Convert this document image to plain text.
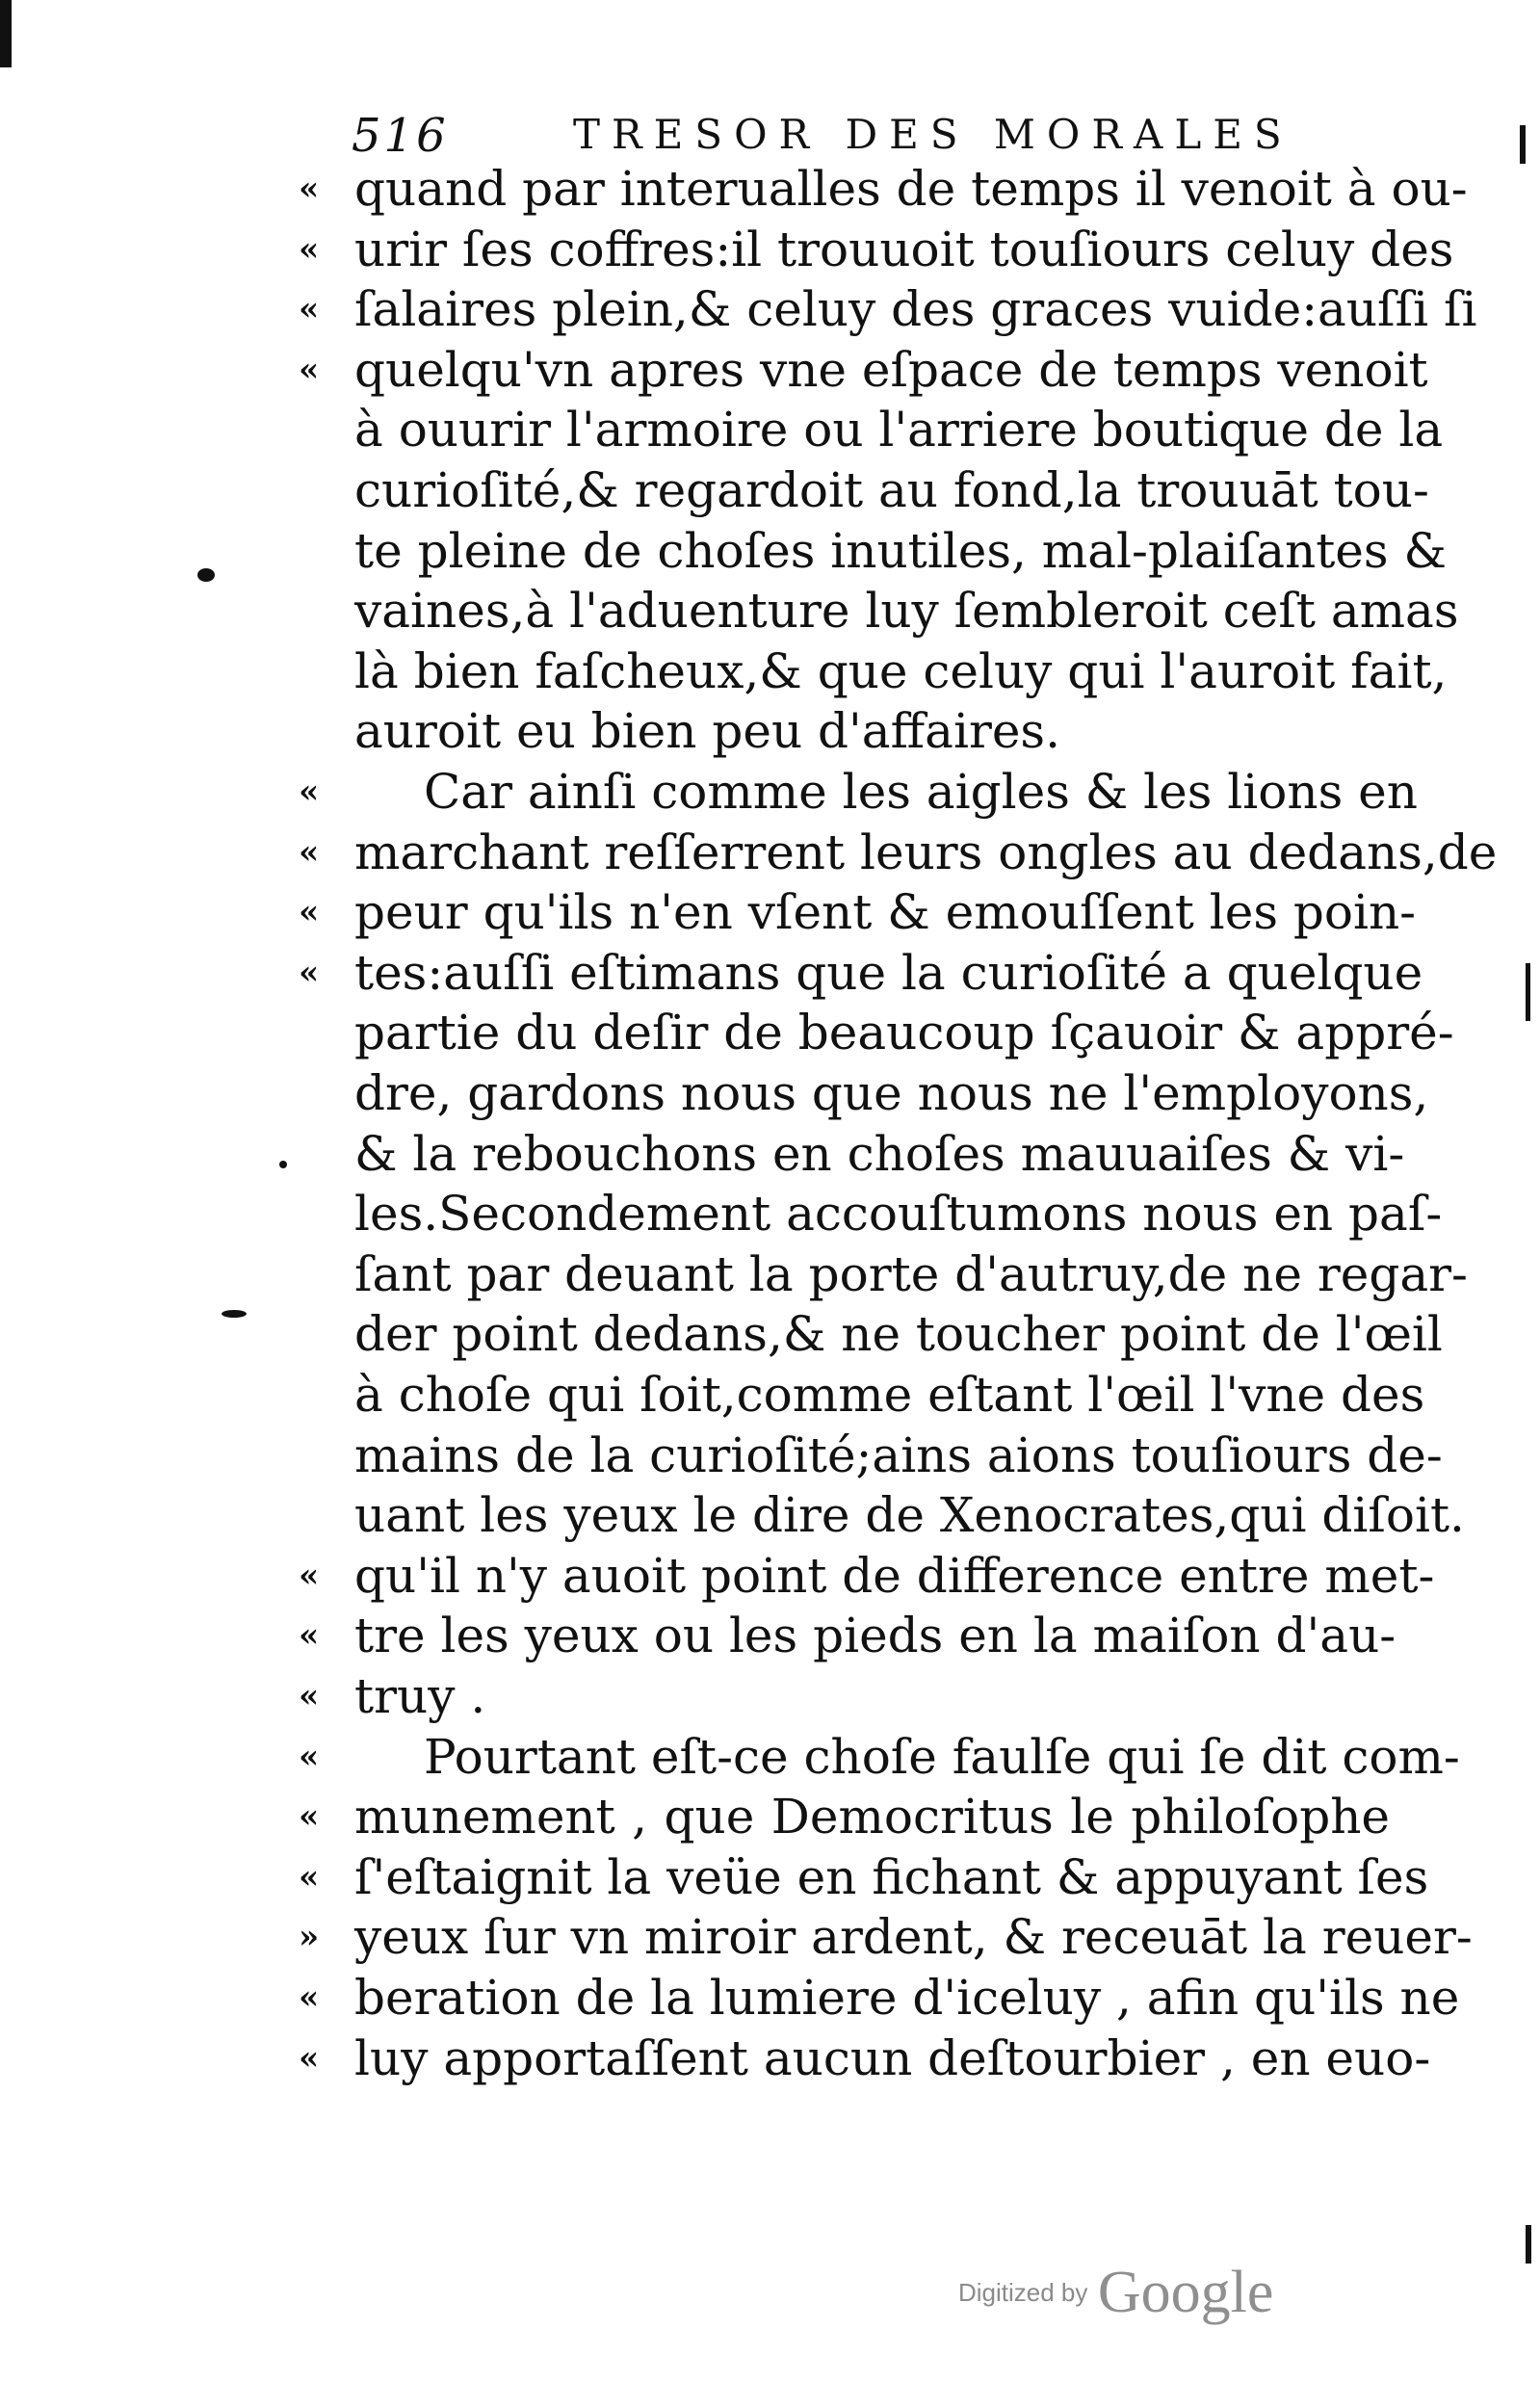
516	TRESOR DES MORALES
« quand par interualles de temps il venoit à ou-
« urir ſes coffres:il trouuoit touſiours celuy des
« ſalaires plein,& celuy des graces vuide:auſſi ſi
« quelqu'vn apres vne eſpace de temps venoit
à ouurir l'armoire ou l'arriere boutique de la
curioſité,& regardoit au fond,la trouuāt tou-
te pleine de choſes inutiles, mal-plaiſantes &
vaines,à l'aduenture luy ſembleroit ceſt amas
là bien faſcheux,& que celuy qui l'auroit fait,
auroit eu bien peu d'affaires.
«	Car ainſi comme les aigles & les lions en
« marchant reſſerrent leurs ongles au dedans,de
« peur qu'ils n'en vſent & emouſſent les poin-
« tes:auſſi eſtimans que la curioſité a quelque
partie du deſir de beaucoup ſçauoir & appré-
dre, gardons nous que nous ne l'employons,
& la rebouchons en choſes mauuaiſes & vi-
les.Secondement accouſtumons nous en paſ-
ſant par deuant la porte d'autruy,de ne regar-
der point dedans,& ne toucher point de l'œil
à choſe qui ſoit,comme eſtant l'œil l'vne des
mains de la curioſité;ains aions touſiours de-
uant les yeux le dire de Xenocrates,qui diſoit.
« qu'il n'y auoit point de difference entre met-
« tre les yeux ou les pieds en la maiſon d'au-
« truy .
«	Pourtant eſt-ce choſe faulſe qui ſe dit com-
« munement , que Democritus le philoſophe
« ſ'eſtaignit la veüe en fichant & appuyant ſes
» yeux ſur vn miroir ardent, & receuāt la reuer-
« beration de la lumiere d'iceluy , afin qu'ils ne
« luy apportaſſent aucun deſtourbier , en euo-
Digitized by Google
